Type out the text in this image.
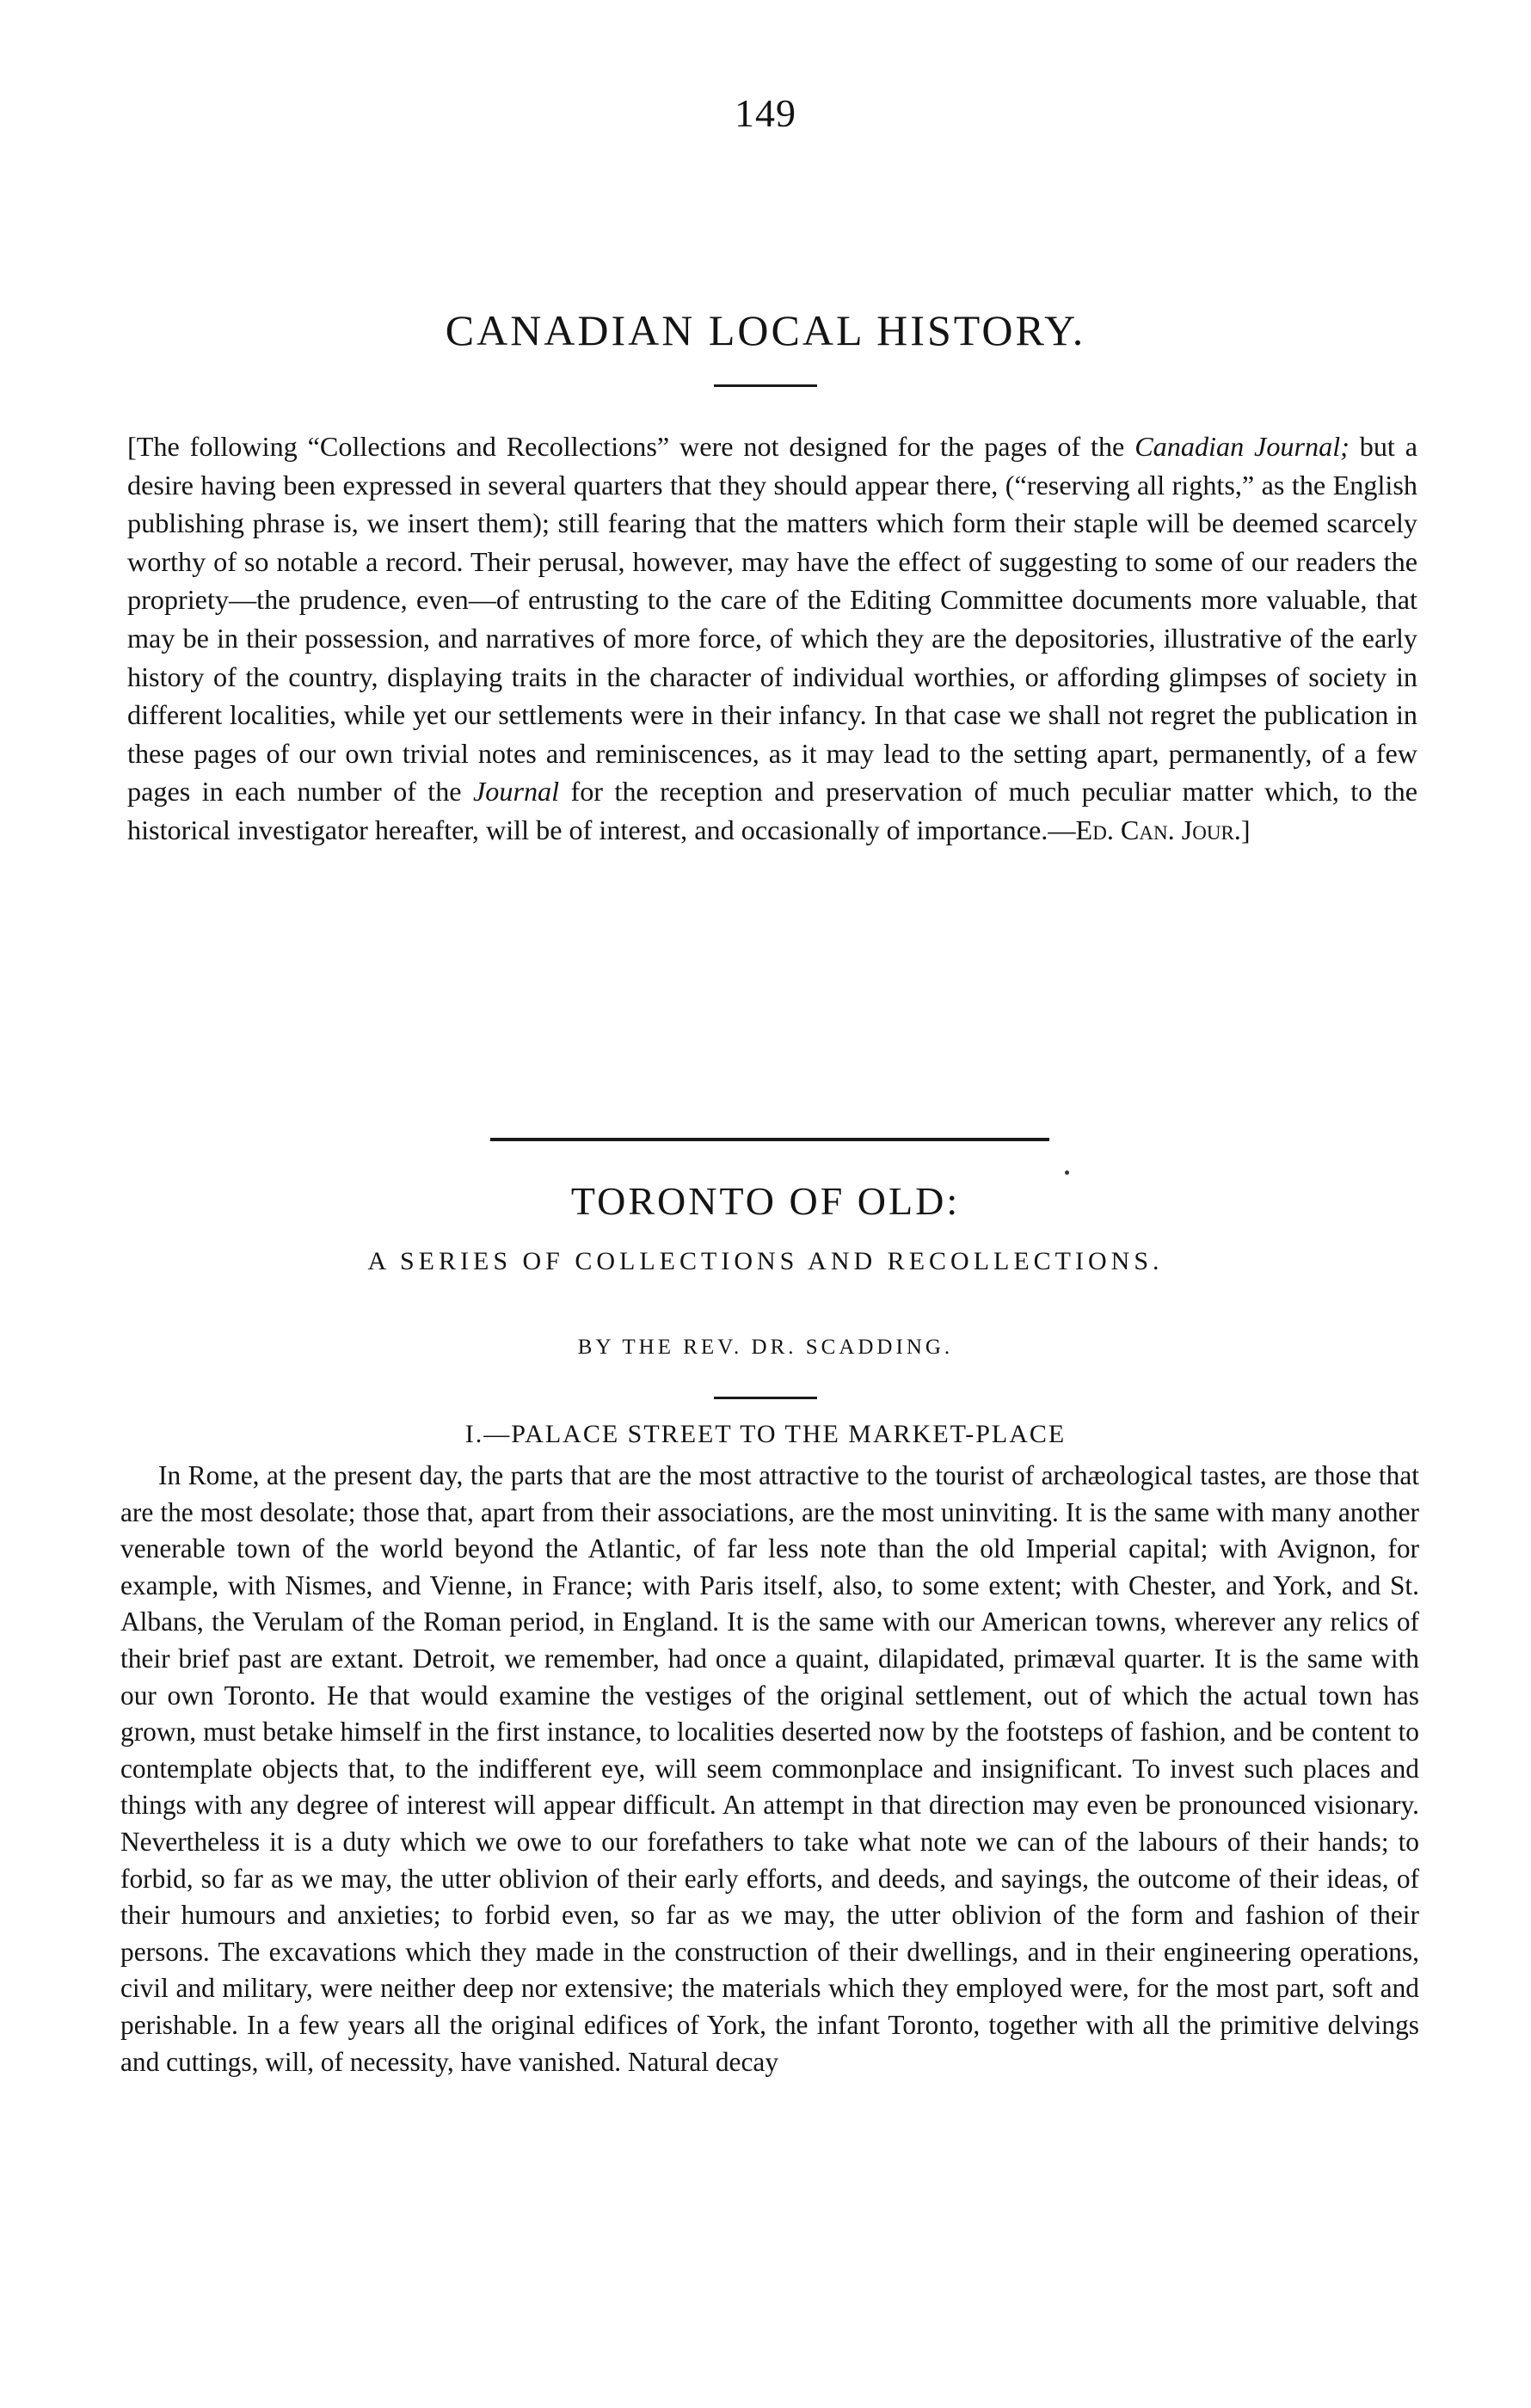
149
CANADIAN LOCAL HISTORY.
[The following “Collections and Recollections” were not designed for the pages of the Canadian Journal; but a desire having been expressed in several quarters that they should appear there, (“reserving all rights,” as the English publishing phrase is, we insert them); still fearing that the matters which form their staple will be deemed scarcely worthy of so notable a record. Their perusal, however, may have the effect of suggesting to some of our readers the propriety—the prudence, even—of entrusting to the care of the Editing Committee documents more valuable, that may be in their possession, and narratives of more force, of which they are the depositories, illustrative of the early history of the country, displaying traits in the character of individual worthies, or affording glimpses of society in different localities, while yet our settlements were in their infancy. In that case we shall not regret the publication in these pages of our own trivial notes and reminiscences, as it may lead to the setting apart, permanently, of a few pages in each number of the Journal for the reception and preservation of much peculiar matter which, to the historical investigator hereafter, will be of interest, and occasionally of importance.—Ed. Can. Jour.]
TORONTO OF OLD:
A SERIES OF COLLECTIONS AND RECOLLECTIONS.
BY THE REV. DR. SCADDING.
I.—PALACE STREET TO THE MARKET-PLACE
In Rome, at the present day, the parts that are the most attractive to the tourist of archæological tastes, are those that are the most desolate; those that, apart from their associations, are the most uninviting. It is the same with many another venerable town of the world beyond the Atlantic, of far less note than the old Imperial capital; with Avignon, for example, with Nismes, and Vienne, in France; with Paris itself, also, to some extent; with Chester, and York, and St. Albans, the Verulam of the Roman period, in England. It is the same with our American towns, wherever any relics of their brief past are extant. Detroit, we remember, had once a quaint, dilapidated, primæval quarter. It is the same with our own Toronto. He that would examine the vestiges of the original settlement, out of which the actual town has grown, must betake himself in the first instance, to localities deserted now by the footsteps of fashion, and be content to contemplate objects that, to the indifferent eye, will seem commonplace and insignificant. To invest such places and things with any degree of interest will appear difficult. An attempt in that direction may even be pronounced visionary. Nevertheless it is a duty which we owe to our forefathers to take what note we can of the labours of their hands; to forbid, so far as we may, the utter oblivion of their early efforts, and deeds, and sayings, the outcome of their ideas, of their humours and anxieties; to forbid even, so far as we may, the utter oblivion of the form and fashion of their persons. The excavations which they made in the construction of their dwellings, and in their engineering operations, civil and military, were neither deep nor extensive; the materials which they employed were, for the most part, soft and perishable. In a few years all the original edifices of York, the infant Toronto, together with all the primitive delvings and cuttings, will, of necessity, have vanished. Natural decay
